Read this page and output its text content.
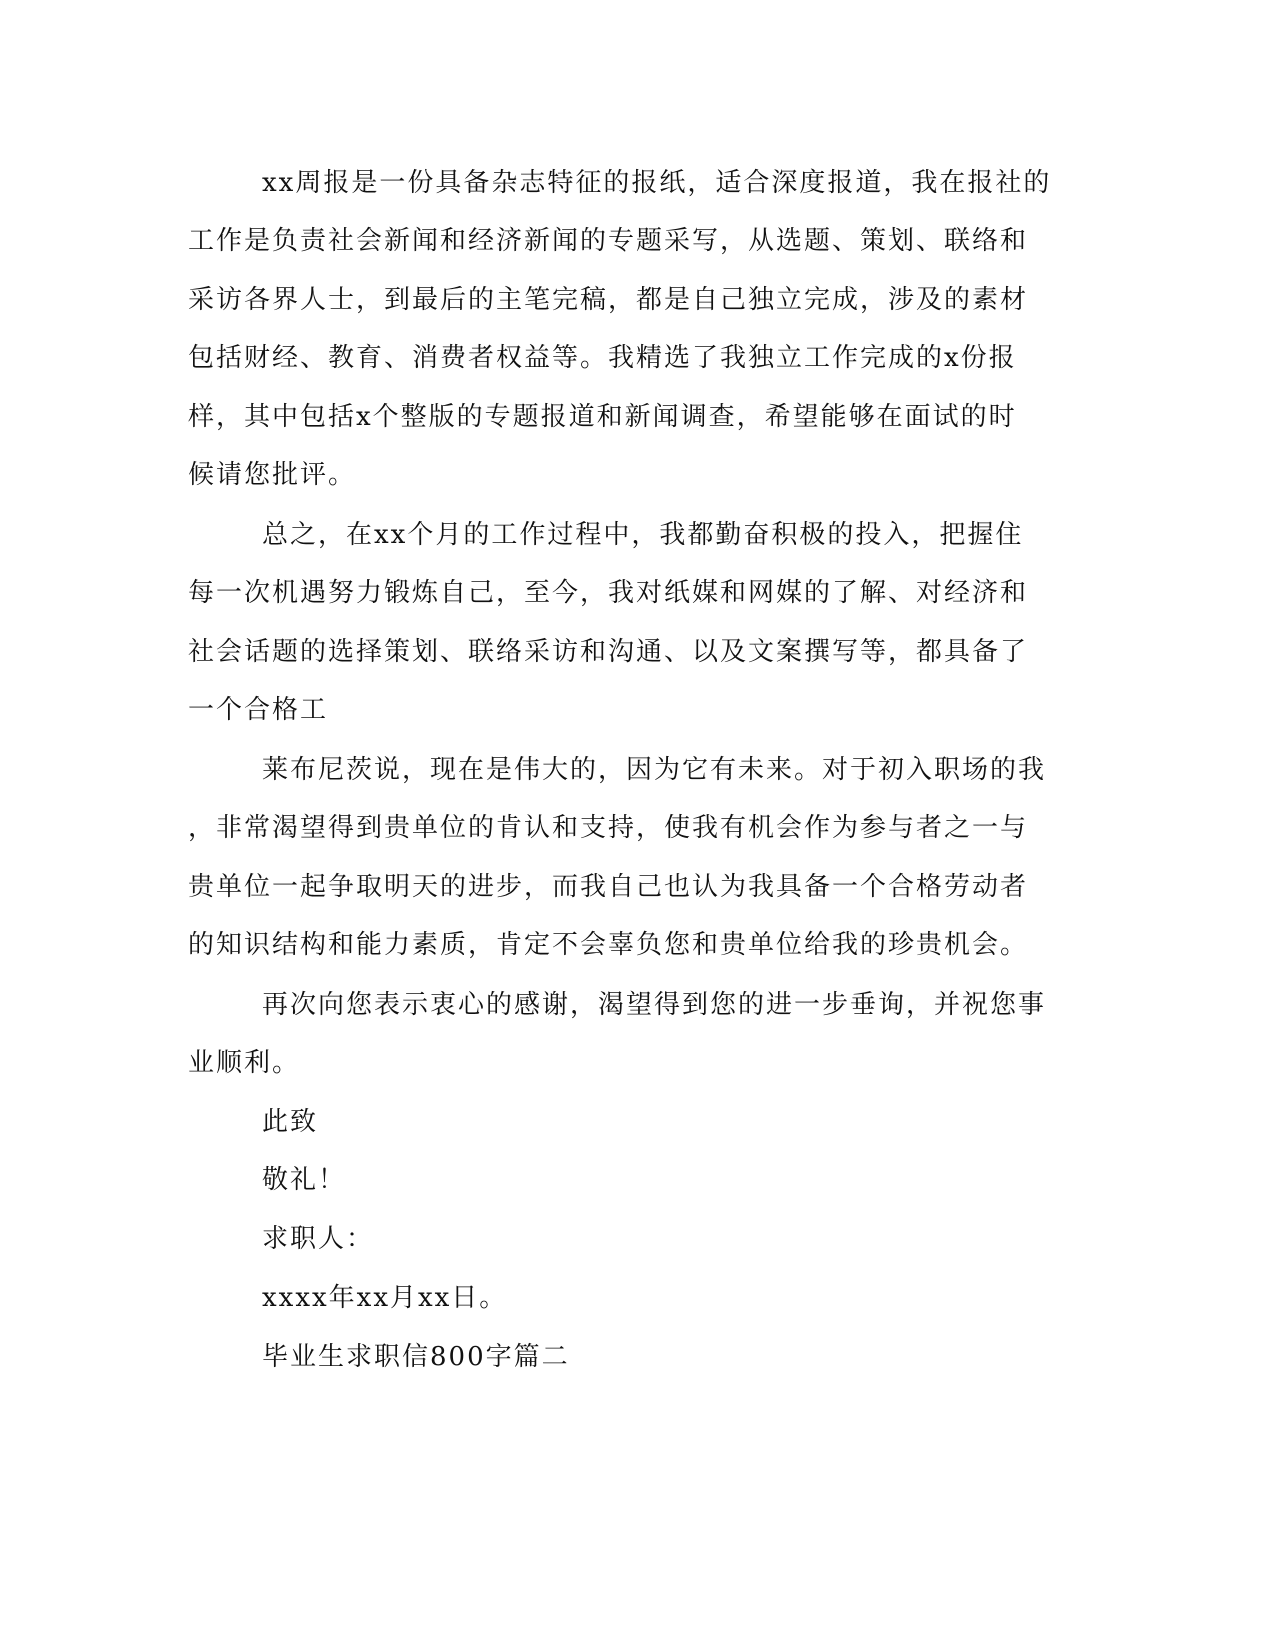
xx周报是一份具备杂志特征的报纸，适合深度报道，我在报社的
工作是负责社会新闻和经济新闻的专题采写，从选题、策划、联络和
采访各界人士，到最后的主笔完稿，都是自己独立完成，涉及的素材
包括财经、教育、消费者权益等。我精选了我独立工作完成的x份报
样，其中包括x个整版的专题报道和新闻调查，希望能够在面试的时
候请您批评。
总之，在xx个月的工作过程中，我都勤奋积极的投入，把握住
每一次机遇努力锻炼自己，至今，我对纸媒和网媒的了解、对经济和
社会话题的选择策划、联络采访和沟通、以及文案撰写等，都具备了
一个合格工
莱布尼茨说，现在是伟大的，因为它有未来。对于初入职场的我
，非常渴望得到贵单位的肯认和支持，使我有机会作为参与者之一与
贵单位一起争取明天的进步，而我自己也认为我具备一个合格劳动者
的知识结构和能力素质，肯定不会辜负您和贵单位给我的珍贵机会。
再次向您表示衷心的感谢，渴望得到您的进一步垂询，并祝您事
业顺利。
此致
敬礼！
求职人：
xxxx年xx月xx日。
毕业生求职信800字篇二
